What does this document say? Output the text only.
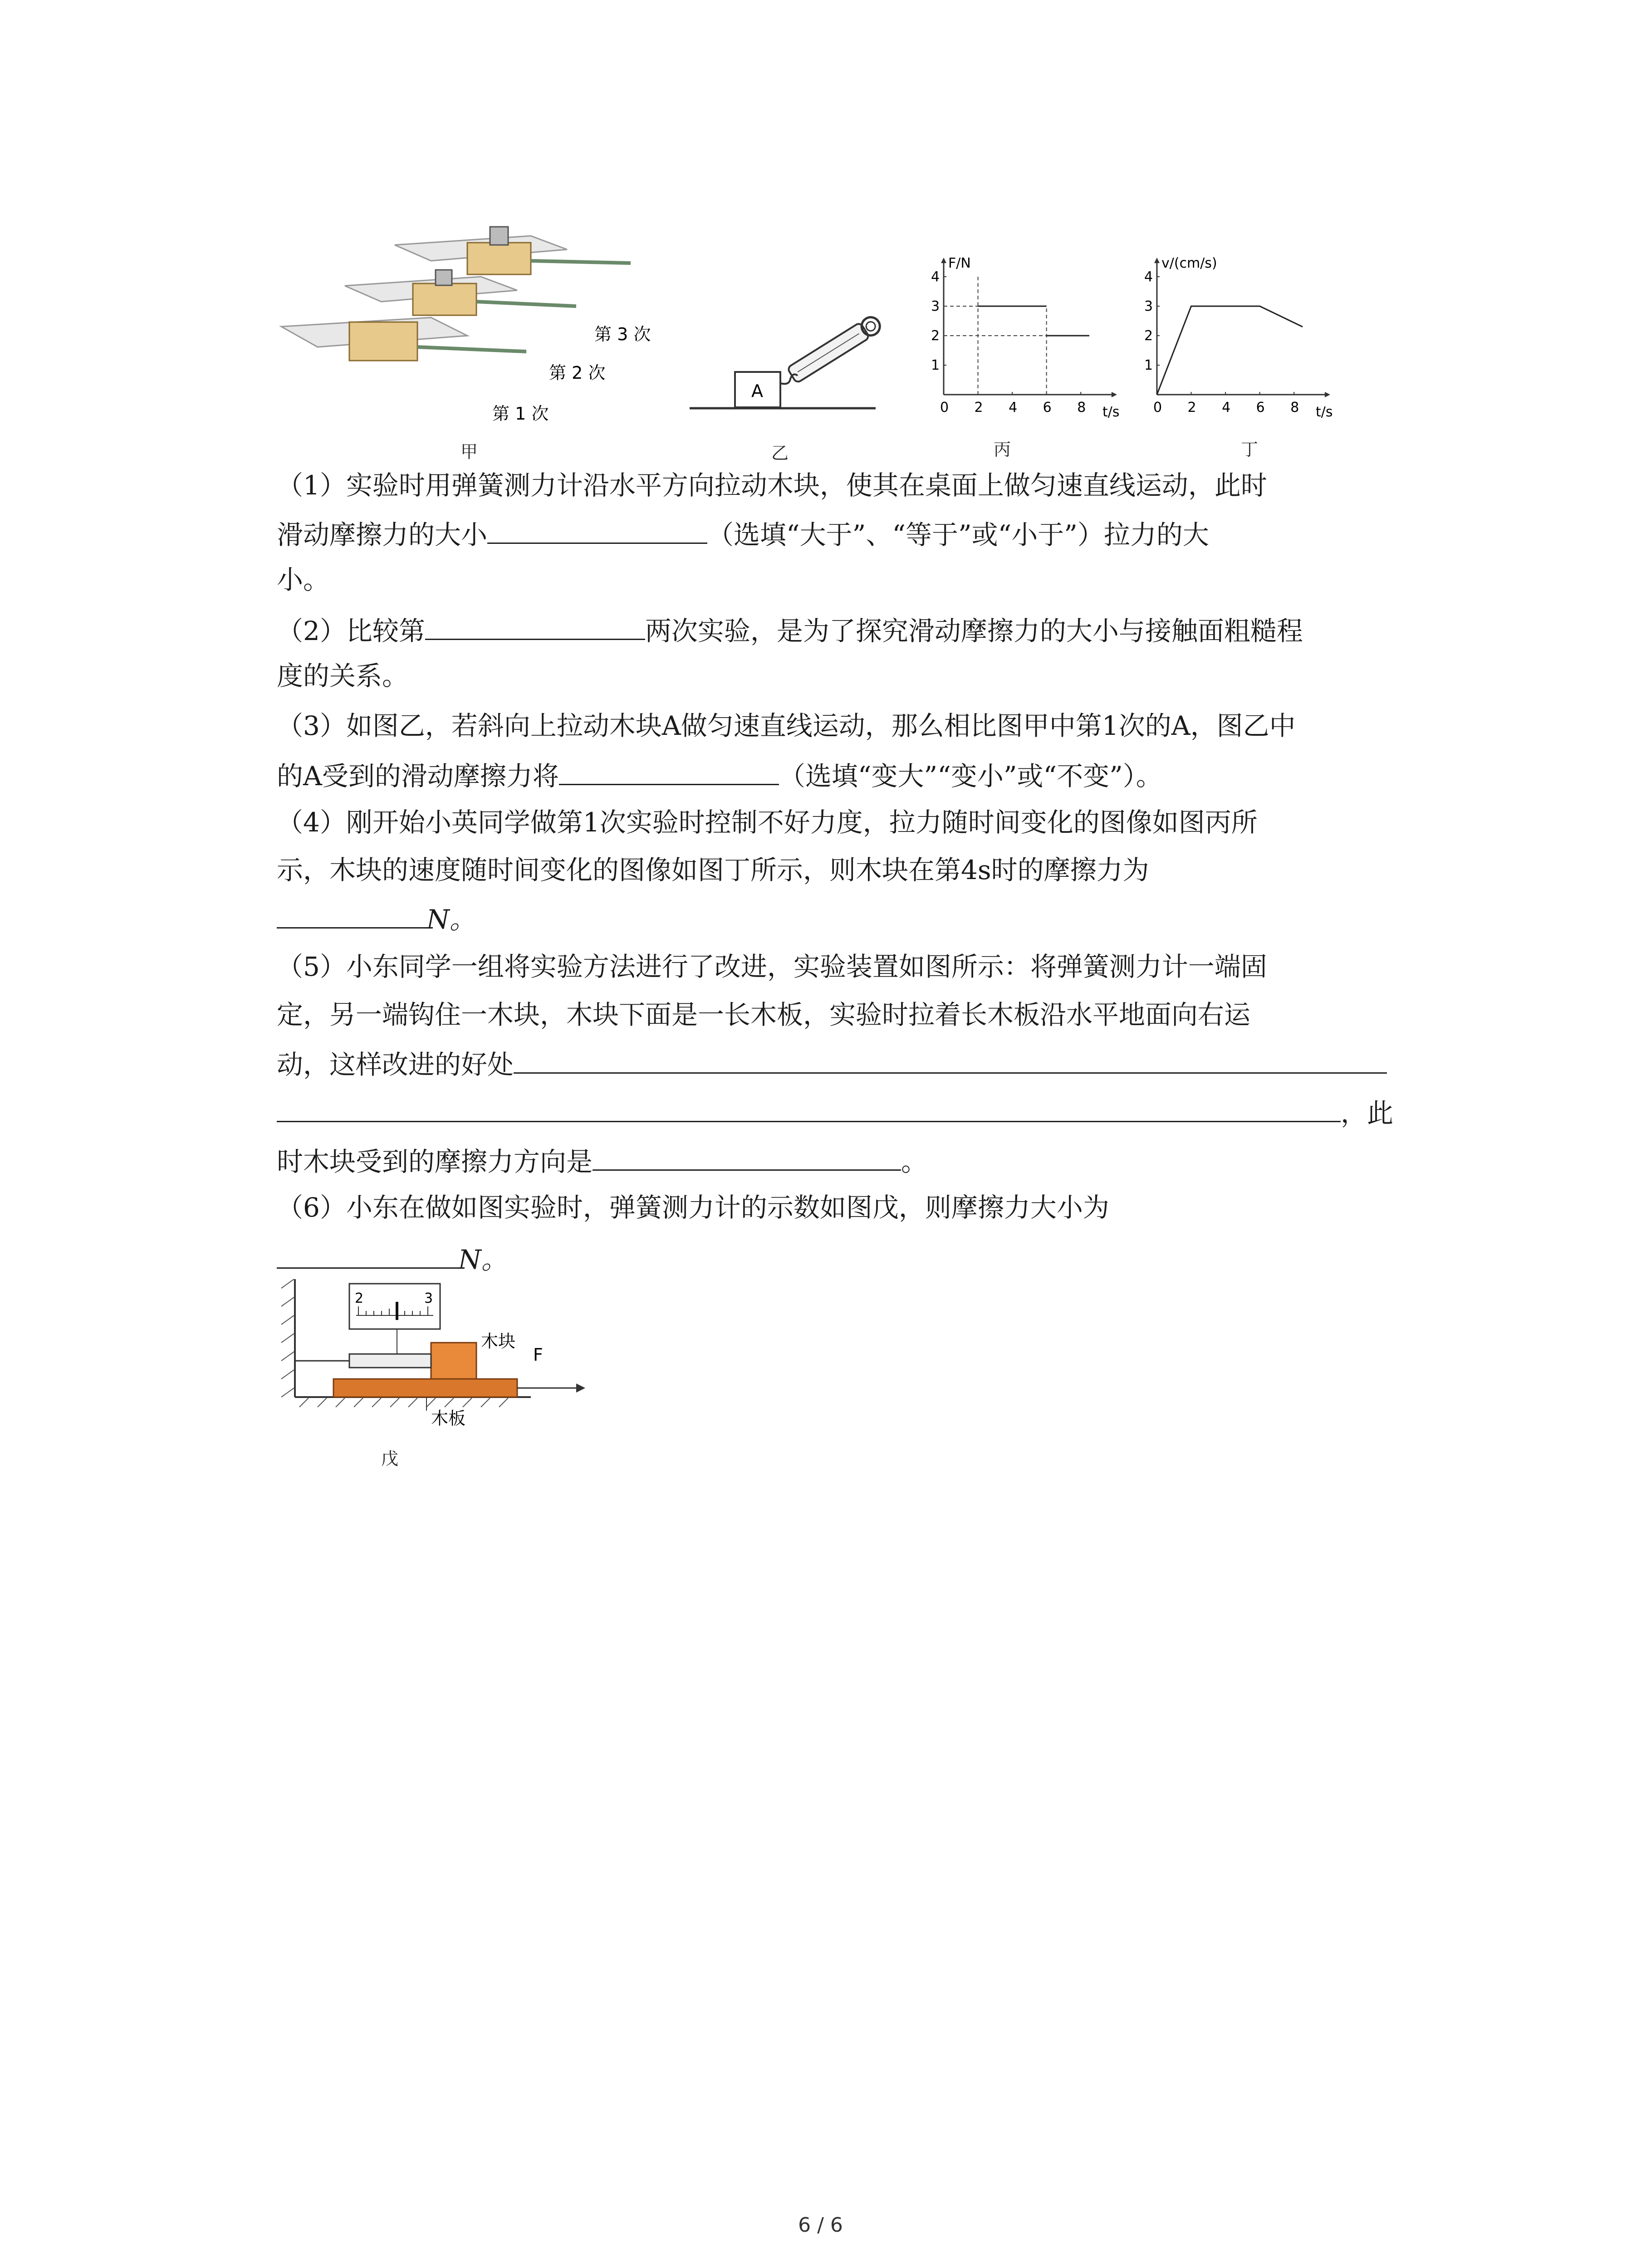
第 3 次
第 2 次
第 1 次
甲
A
乙
0 2 4 6 8
1
2
3
4
F/N
t/s
丙
0 2 4 6 8
1
2
3
4
v/(cm/s)
t/s
丁
（1）实验时用弹簧测力计沿水平方向拉动木块，使其在桌面上做匀速直线运动，此时
滑动摩擦力的大小	（选填“大于”、“等于”或“小于”）拉力的大
小。
（2）比较第	两次实验，是为了探究滑动摩擦力的大小与接触面粗糙程
度的关系。
（3）如图乙，若斜向上拉动木块A做匀速直线运动，那么相比图甲中第1次的A，图乙中
的A受到的滑动摩擦力将	（选填“变大”“变小”或“不变”）。
（4）刚开始小英同学做第1次实验时控制不好力度，拉力随时间变化的图像如图丙所
示，木块的速度随时间变化的图像如图丁所示，则木块在第4s时的摩擦力为
N。
（5）小东同学一组将实验方法进行了改进，实验装置如图所示：将弹簧测力计一端固
定，另一端钩住一木块，木块下面是一长木板，实验时拉着长木板沿水平地面向右运
动，这样改进的好处
，此
时木块受到的摩擦力方向是	。
（6）小东在做如图实验时，弹簧测力计的示数如图戊，则摩擦力大小为
N。
2	3
F
木块
木板
戊
6 / 6
